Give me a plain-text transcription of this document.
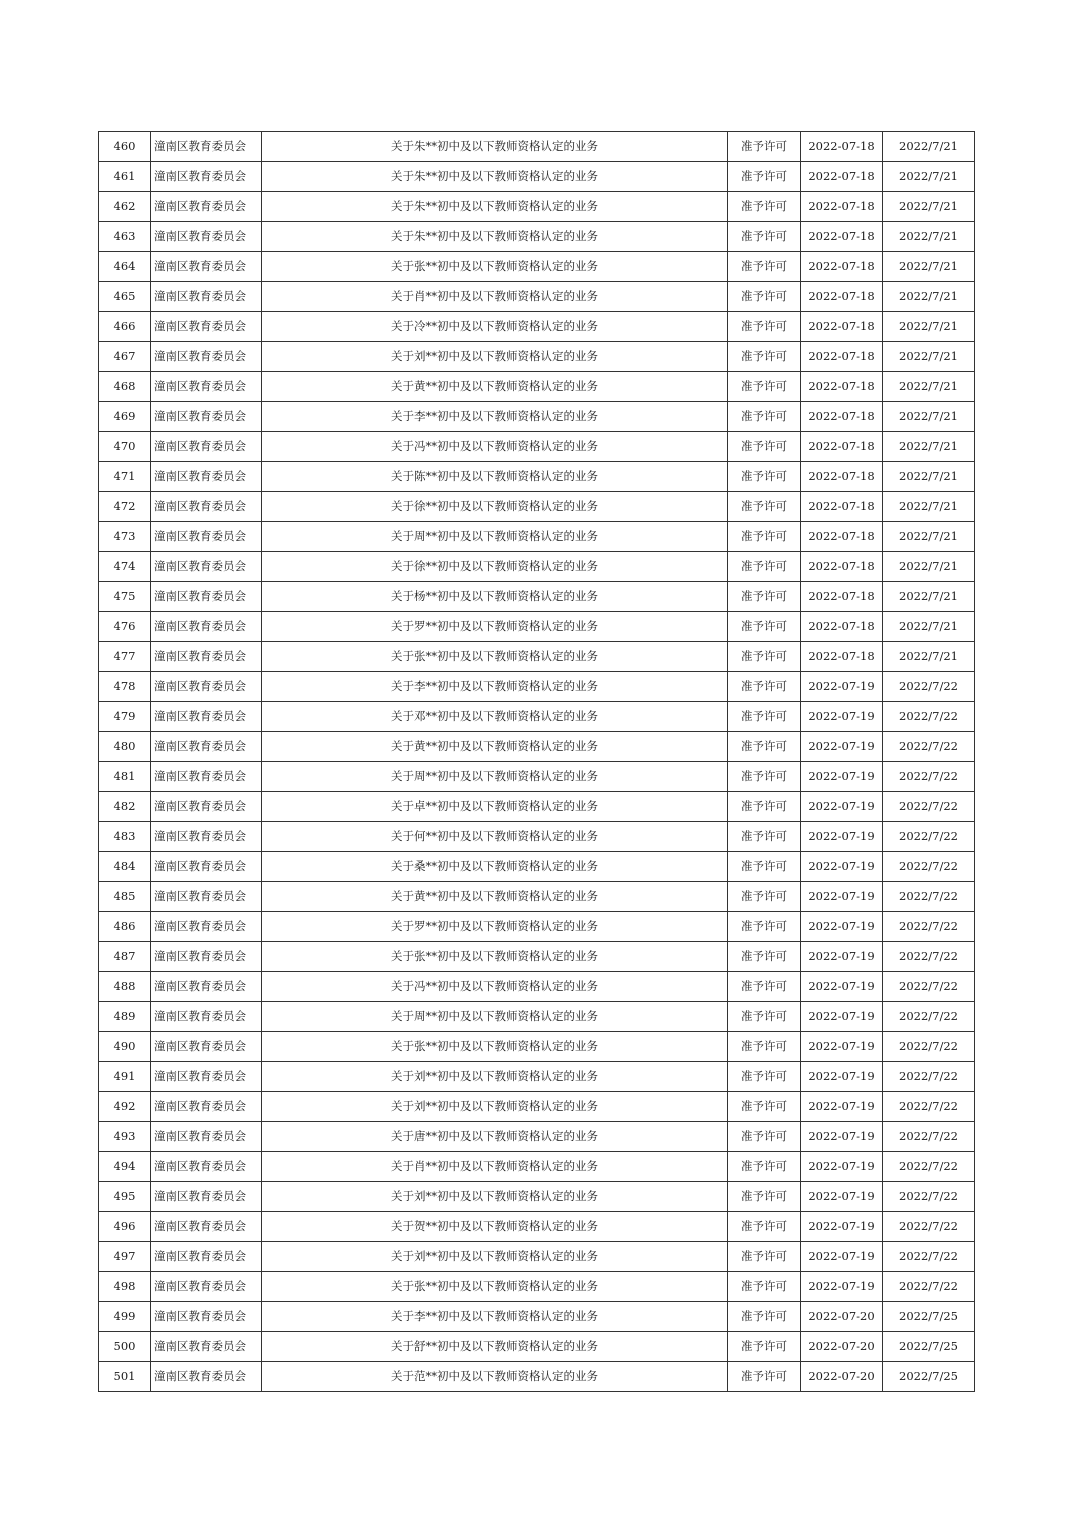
460	潼南区教育委员会	关于朱**初中及以下教师资格认定的业务	准予许可	2022-07-18	2022/7/21
461	潼南区教育委员会	关于朱**初中及以下教师资格认定的业务	准予许可	2022-07-18	2022/7/21
462	潼南区教育委员会	关于朱**初中及以下教师资格认定的业务	准予许可	2022-07-18	2022/7/21
463	潼南区教育委员会	关于朱**初中及以下教师资格认定的业务	准予许可	2022-07-18	2022/7/21
464	潼南区教育委员会	关于张**初中及以下教师资格认定的业务	准予许可	2022-07-18	2022/7/21
465	潼南区教育委员会	关于肖**初中及以下教师资格认定的业务	准予许可	2022-07-18	2022/7/21
466	潼南区教育委员会	关于冷**初中及以下教师资格认定的业务	准予许可	2022-07-18	2022/7/21
467	潼南区教育委员会	关于刘**初中及以下教师资格认定的业务	准予许可	2022-07-18	2022/7/21
468	潼南区教育委员会	关于黄**初中及以下教师资格认定的业务	准予许可	2022-07-18	2022/7/21
469	潼南区教育委员会	关于李**初中及以下教师资格认定的业务	准予许可	2022-07-18	2022/7/21
470	潼南区教育委员会	关于冯**初中及以下教师资格认定的业务	准予许可	2022-07-18	2022/7/21
471	潼南区教育委员会	关于陈**初中及以下教师资格认定的业务	准予许可	2022-07-18	2022/7/21
472	潼南区教育委员会	关于徐**初中及以下教师资格认定的业务	准予许可	2022-07-18	2022/7/21
473	潼南区教育委员会	关于周**初中及以下教师资格认定的业务	准予许可	2022-07-18	2022/7/21
474	潼南区教育委员会	关于徐**初中及以下教师资格认定的业务	准予许可	2022-07-18	2022/7/21
475	潼南区教育委员会	关于杨**初中及以下教师资格认定的业务	准予许可	2022-07-18	2022/7/21
476	潼南区教育委员会	关于罗**初中及以下教师资格认定的业务	准予许可	2022-07-18	2022/7/21
477	潼南区教育委员会	关于张**初中及以下教师资格认定的业务	准予许可	2022-07-18	2022/7/21
478	潼南区教育委员会	关于李**初中及以下教师资格认定的业务	准予许可	2022-07-19	2022/7/22
479	潼南区教育委员会	关于邓**初中及以下教师资格认定的业务	准予许可	2022-07-19	2022/7/22
480	潼南区教育委员会	关于黄**初中及以下教师资格认定的业务	准予许可	2022-07-19	2022/7/22
481	潼南区教育委员会	关于周**初中及以下教师资格认定的业务	准予许可	2022-07-19	2022/7/22
482	潼南区教育委员会	关于卓**初中及以下教师资格认定的业务	准予许可	2022-07-19	2022/7/22
483	潼南区教育委员会	关于何**初中及以下教师资格认定的业务	准予许可	2022-07-19	2022/7/22
484	潼南区教育委员会	关于桑**初中及以下教师资格认定的业务	准予许可	2022-07-19	2022/7/22
485	潼南区教育委员会	关于黄**初中及以下教师资格认定的业务	准予许可	2022-07-19	2022/7/22
486	潼南区教育委员会	关于罗**初中及以下教师资格认定的业务	准予许可	2022-07-19	2022/7/22
487	潼南区教育委员会	关于张**初中及以下教师资格认定的业务	准予许可	2022-07-19	2022/7/22
488	潼南区教育委员会	关于冯**初中及以下教师资格认定的业务	准予许可	2022-07-19	2022/7/22
489	潼南区教育委员会	关于周**初中及以下教师资格认定的业务	准予许可	2022-07-19	2022/7/22
490	潼南区教育委员会	关于张**初中及以下教师资格认定的业务	准予许可	2022-07-19	2022/7/22
491	潼南区教育委员会	关于刘**初中及以下教师资格认定的业务	准予许可	2022-07-19	2022/7/22
492	潼南区教育委员会	关于刘**初中及以下教师资格认定的业务	准予许可	2022-07-19	2022/7/22
493	潼南区教育委员会	关于唐**初中及以下教师资格认定的业务	准予许可	2022-07-19	2022/7/22
494	潼南区教育委员会	关于肖**初中及以下教师资格认定的业务	准予许可	2022-07-19	2022/7/22
495	潼南区教育委员会	关于刘**初中及以下教师资格认定的业务	准予许可	2022-07-19	2022/7/22
496	潼南区教育委员会	关于贺**初中及以下教师资格认定的业务	准予许可	2022-07-19	2022/7/22
497	潼南区教育委员会	关于刘**初中及以下教师资格认定的业务	准予许可	2022-07-19	2022/7/22
498	潼南区教育委员会	关于张**初中及以下教师资格认定的业务	准予许可	2022-07-19	2022/7/22
499	潼南区教育委员会	关于李**初中及以下教师资格认定的业务	准予许可	2022-07-20	2022/7/25
500	潼南区教育委员会	关于舒**初中及以下教师资格认定的业务	准予许可	2022-07-20	2022/7/25
501	潼南区教育委员会	关于范**初中及以下教师资格认定的业务	准予许可	2022-07-20	2022/7/25
